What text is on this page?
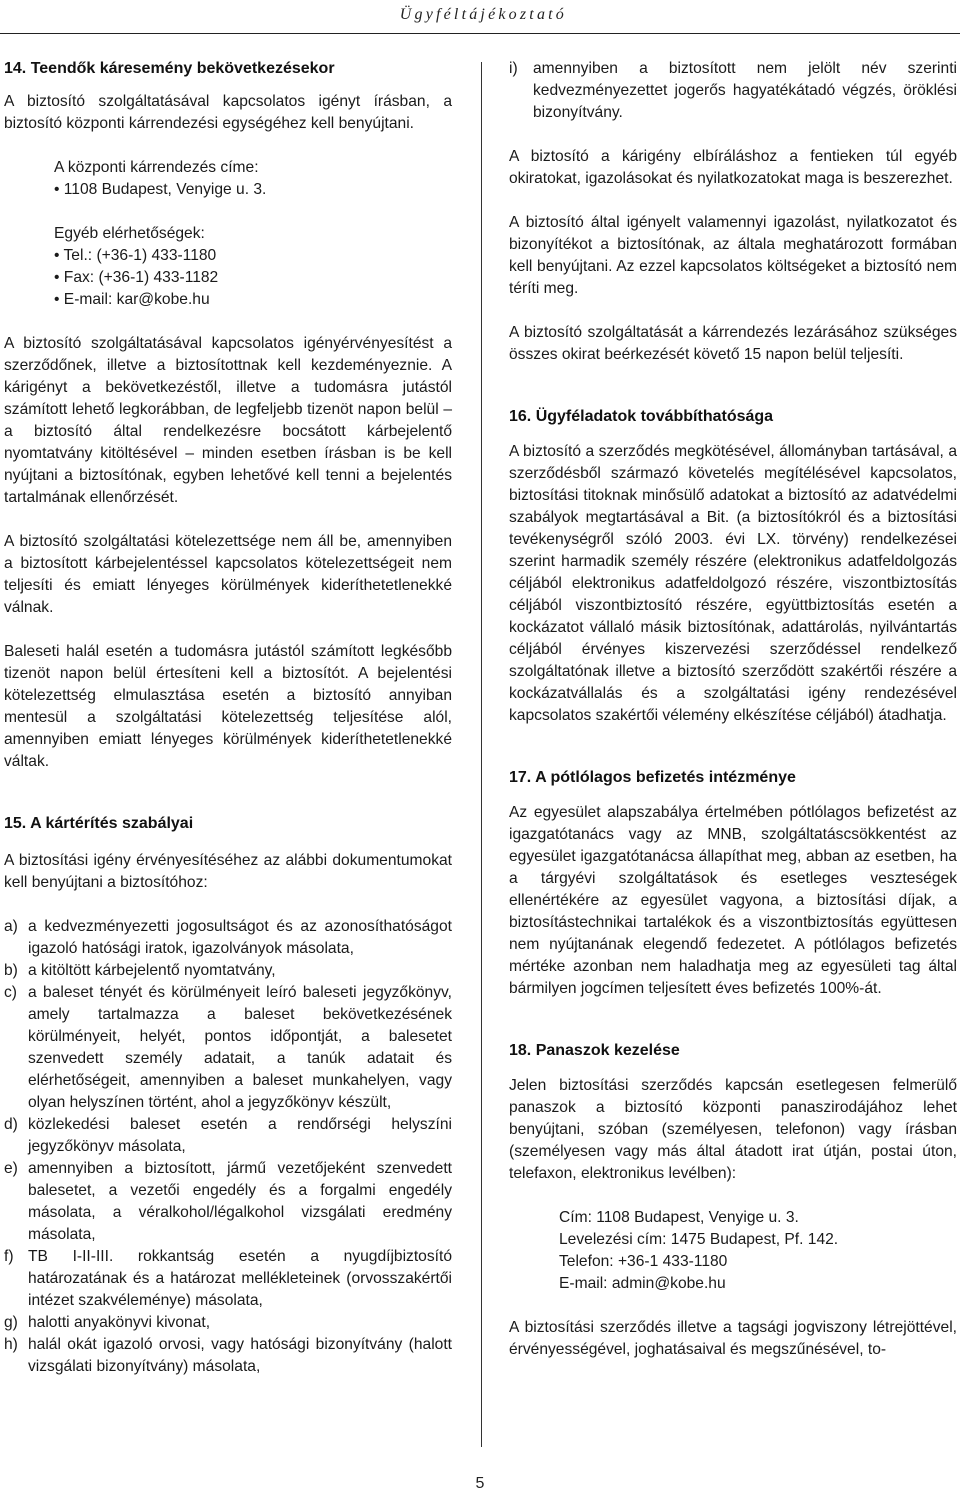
Ügyféltájékoztató
14. Teendők káresemény bekövetkezésekor

A biztosító szolgáltatásával kapcsolatos igényt írásban, a biztosító központi kárrendezési egységéhez kell benyújtani.

A központi kárrendezés címe:
• 1108 Budapest, Venyige u. 3.
Egyéb elérhetőségek:
• Tel.: (+36-1) 433-1180
• Fax: (+36-1) 433-1182
• E-mail: kar@kobe.hu

A biztosító szolgáltatásával kapcsolatos igényérvényesítést a szerződőnek, illetve a biztosítottnak kell kezdeményeznie. A kárigényt a bekövetkezéstől, illetve a tudomásra jutástól számított lehető legkorábban, de legfeljebb tizenöt napon belül – a biztosító által rendelkezésre bocsátott kárbejelentő nyomtatvány kitöltésével – minden esetben írásban is be kell nyújtani a biztosítónak, egyben lehetővé kell tenni a bejelentés tartalmának ellenőrzését.

A biztosító szolgáltatási kötelezettsége nem áll be, amennyiben a biztosított kárbejelentéssel kapcsolatos kötelezettségeit nem teljesíti és emiatt lényeges körülmények kideríthetetlenekké válnak.

Baleseti halál esetén a tudomásra jutástól számított legkésőbb tizenöt napon belül értesíteni kell a biztosítót. A bejelentési kötelezettség elmulasztása esetén a biztosító annyiban mentesül a szolgáltatási kötelezettség teljesítése alól, amennyiben emiatt lényeges körülmények kideríthetetlenekké váltak.

15. A kártérítés szabályai

A biztosítási igény érvényesítéséhez az alábbi dokumentumokat kell benyújtani a biztosítóhoz:

a) a kedvezményezetti jogosultságot és az azonosíthatóságot igazoló hatósági iratok, igazolványok másolata,
b) a kitöltött kárbejelentő nyomtatvány,
c) a baleset tényét és körülményeit leíró baleseti jegyzőkönyv, amely tartalmazza a baleset bekövetkezésének körülményeit, helyét, pontos időpontját, a balesetet szenvedett személy adatait, a tanúk adatait és elérhetőségeit, amennyiben a baleset munkahelyen, vagy olyan helyszínen történt, ahol a jegyzőkönyv készült,
d) közlekedési baleset esetén a rendőrségi helyszíni jegyzőkönyv másolata,
e) amennyiben a biztosított, jármű vezetőjeként szenvedett balesetet, a vezetői engedély és a forgalmi engedély másolata, a véralkohol/légalkohol vizsgálati eredmény másolata,
f) TB I-II-III. rokkantság esetén a nyugdíjbiztosító határozatának és a határozat mellékleteinek (orvosszakértői intézet szakvéleménye) másolata,
g) halotti anyakönyvi kivonat,
h) halál okát igazoló orvosi, vagy hatósági bizonyítvány (halott vizsgálati bizonyítvány) másolata,
i) amennyiben a biztosított nem jelölt név szerinti kedvezményezettet jogerős hagyatékátadó végzés, öröklési bizonyítvány.

A biztosító a kárigény elbíráláshoz a fentieken túl egyéb okiratokat, igazolásokat és nyilatkozatokat maga is beszerezhet.

A biztosító által igényelt valamennyi igazolást, nyilatkozatot és bizonyítékot a biztosítónak, az általa meghatározott formában kell benyújtani. Az ezzel kapcsolatos költségeket a biztosító nem téríti meg.

A biztosító szolgáltatását a kárrendezés lezárásához szükséges összes okirat beérkezését követő 15 napon belül teljesíti.

16. Ügyféladatok továbbíthatósága

A biztosító a szerződés megkötésével, állományban tartásával, a szerződésből származó követelés megítélésével kapcsolatos, biztosítási titoknak minősülő adatokat a biztosító az adatvédelmi szabályok megtartásával a Bit. (a biztosítókról és a biztosítási tevékenységről szóló 2003. évi LX. törvény) rendelkezései szerint harmadik személy részére (elektronikus adatfeldolgozás céljából elektronikus adatfeldolgozó részére, viszontbiztosítás céljából viszontbiztosító részére, együttbiztosítás esetén a kockázatot vállaló másik biztosítónak, adattárolás, nyilvántartás céljából érvényes kiszervezési szerződéssel rendelkező szolgáltatónak illetve a biztosító szerződött szakértői részére a kockázatvállalás és a szolgáltatási igény rendezésével kapcsolatos szakértői vélemény elkészítése céljából) átadhatja.

17. A pótlólagos befizetés intézménye

Az egyesület alapszabálya értelmében pótlólagos befizetést az igazgatótanács vagy az MNB, szolgáltatáscsökkentést az egyesület igazgatótanácsa állapíthat meg, abban az esetben, ha a tárgyévi szolgáltatások és esetleges veszteségek ellenértékére az egyesület vagyona, a biztosítási díjak, a biztosítástechnikai tartalékok és a viszontbiztosítás együttesen nem nyújtanának elegendő fedezetet. A pótlólagos befizetés mértéke azonban nem haladhatja meg az egyesületi tag által bármilyen jogcímen teljesített éves befizetés 100%-át.

18. Panaszok kezelése

Jelen biztosítási szerződés kapcsán esetlegesen felmerülő panaszok a biztosító központi panaszirodájához lehet benyújtani, szóban (személyesen, telefonon) vagy írásban (személyesen vagy más által átadott irat útján, postai úton, telefaxon, elektronikus levélben):

Cím: 1108 Budapest, Venyige u. 3.
Levelezési cím: 1475 Budapest, Pf. 142.
Telefon: +36-1 433-1180
E-mail: admin@kobe.hu

A biztosítási szerződés illetve a tagsági jogviszony létrejöttével, érvényességével, joghatásaival és megszűnésével, to-

5
